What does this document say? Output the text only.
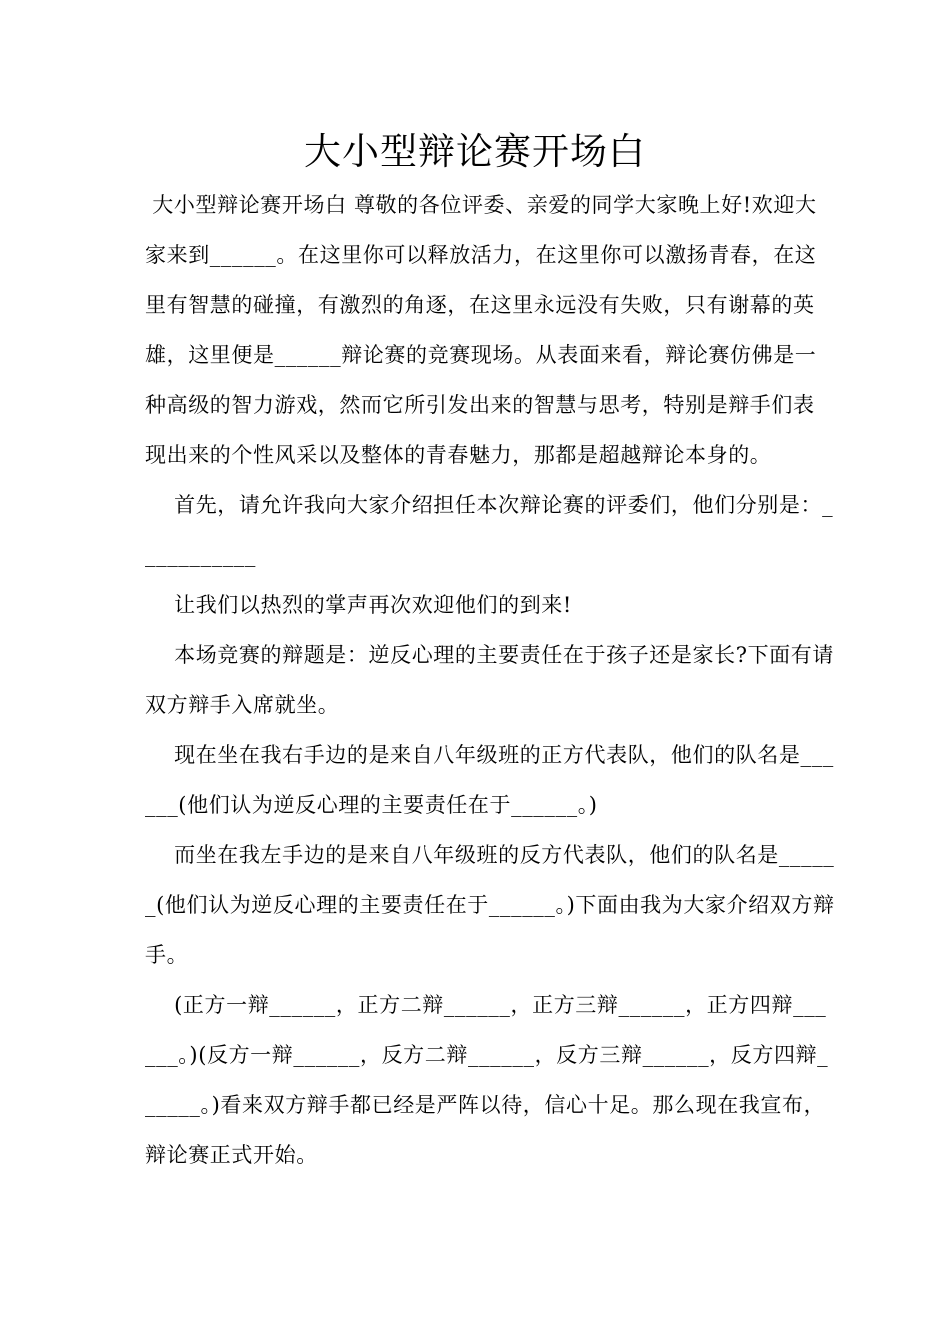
大小型辩论赛开场白

大小型辩论赛开场白 尊敬的各位评委、亲爱的同学大家晚上好!欢迎大家来到______。在这里你可以释放活力，在这里你可以激扬青春，在这里有智慧的碰撞，有激烈的角逐，在这里永远没有失败，只有谢幕的英雄，这里便是______辩论赛的竞赛现场。从表面来看，辩论赛仿佛是一种高级的智力游戏，然而它所引发出来的智慧与思考，特别是辩手们表现出来的个性风采以及整体的青春魅力，那都是超越辩论本身的。

首先，请允许我向大家介绍担任本次辩论赛的评委们，他们分别是：___________

让我们以热烈的掌声再次欢迎他们的到来!

本场竞赛的辩题是：逆反心理的主要责任在于孩子还是家长?下面有请双方辩手入席就坐。

现在坐在我右手边的是来自八年级班的正方代表队，他们的队名是______(他们认为逆反心理的主要责任在于______。)

而坐在我左手边的是来自八年级班的反方代表队，他们的队名是______(他们认为逆反心理的主要责任在于______。)下面由我为大家介绍双方辩手。

(正方一辩______，正方二辩______，正方三辩______，正方四辩______。)(反方一辩______，反方二辩______，反方三辩______，反方四辩______。)看来双方辩手都已经是严阵以待，信心十足。那么现在我宣布，辩论赛正式开始。
